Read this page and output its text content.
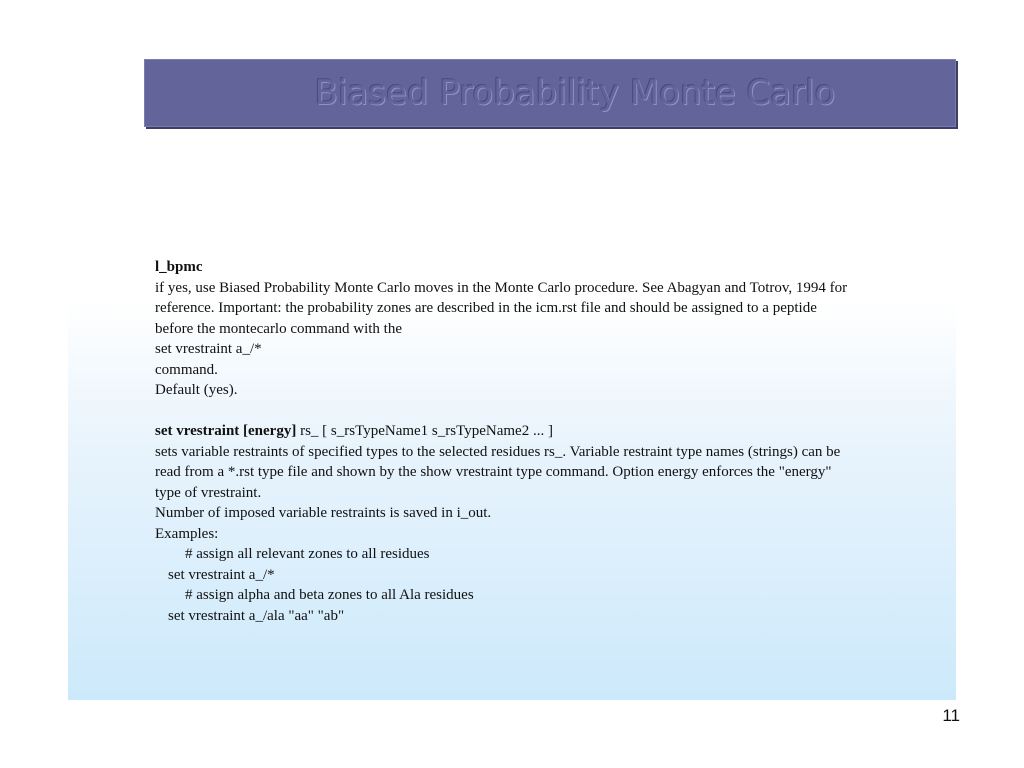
Biased Probability Monte Carlo

l_bpmc

if yes, use Biased Probability Monte Carlo moves in the Monte Carlo procedure. See Abagyan and Totrov, 1994 for

reference. Important: the probability zones are described in the icm.rst file and should be assigned to a peptide

before the montecarlo command with the

set vrestraint a_/*

command.

Default (yes).

set vrestraint [energy] rs_ [ s_rsTypeName1 s_rsTypeName2 ... ]

sets variable restraints of specified types to the selected residues rs_. Variable restraint type names (strings) can be

read from a *.rst type file and shown by the show vrestraint type command. Option energy enforces the "energy"

type of vrestraint.

Number of imposed variable restraints is saved in i_out.

Examples:

# assign all relevant zones to all residues

set vrestraint a_/*

# assign alpha and beta zones to all Ala residues

set vrestraint a_/ala "aa" "ab"

11
